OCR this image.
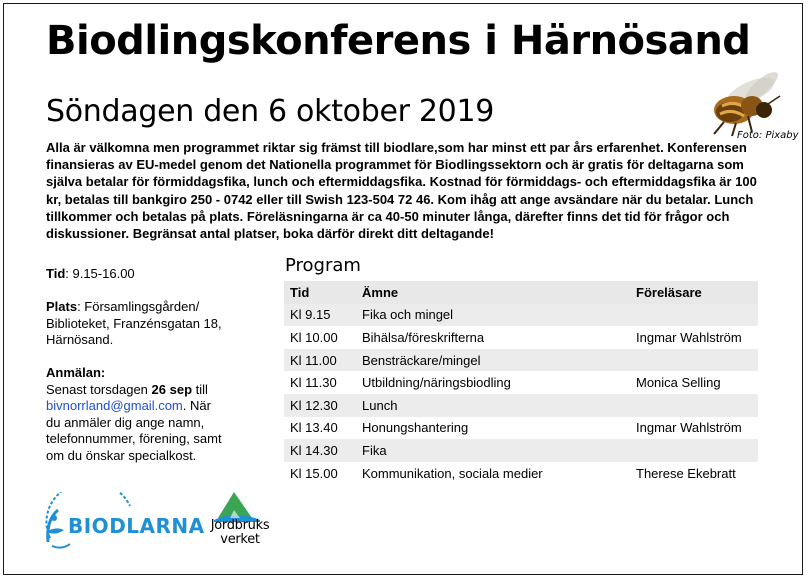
Biodlingskonferens i Härnösand
Söndagen den 6 oktober 2019
Foto: Pixaby

Alla är välkomna men programmet riktar sig främst till biodlare,som har minst ett par års erfarenhet. Konferensen finansieras av EU-medel genom det Nationella programmet för Biodlingssektorn och är gratis för deltagarna som själva betalar för förmiddagsfika, lunch och eftermiddagsfika. Kostnad för förmiddags- och eftermiddagsfika är 100 kr, betalas till bankgiro 250 - 0742 eller till Swish 123-504 72 46. Kom ihåg att ange avsändare när du betalar. Lunch tillkommer och betalas på plats. Föreläsningarna är ca 40-50 minuter långa, därefter finns det tid för frågor och diskussioner. Begränsat antal platser, boka därför direkt ditt deltagande!

Tid: 9.15-16.00

Plats: Församlingsgården/

Biblioteket, Franzénsgatan 18,

Härnösand.

Anmälan:

Senast torsdagen 26 sep till

bivnorrland@gmail.com. När

du anmäler dig ange namn,

telefonnummer, förening, samt

om du önskar specialkost.

Program
Tid	Ämne	Föreläsare
Kl 9.15	Fika och mingel	
Kl 10.00	Bihälsa/föreskrifterna	Ingmar Wahlström
Kl 11.00	Bensträckare/mingel	
Kl 11.30	Utbildning/näringsbiodling	Monica Selling
Kl 12.30	Lunch	
Kl 13.40	Honungshantering	Ingmar Wahlström
Kl 14.30	Fika	
Kl 15.00	Kommunikation, sociala medier	Therese Ekebratt
BIODLARNA Jordbruks
verket
